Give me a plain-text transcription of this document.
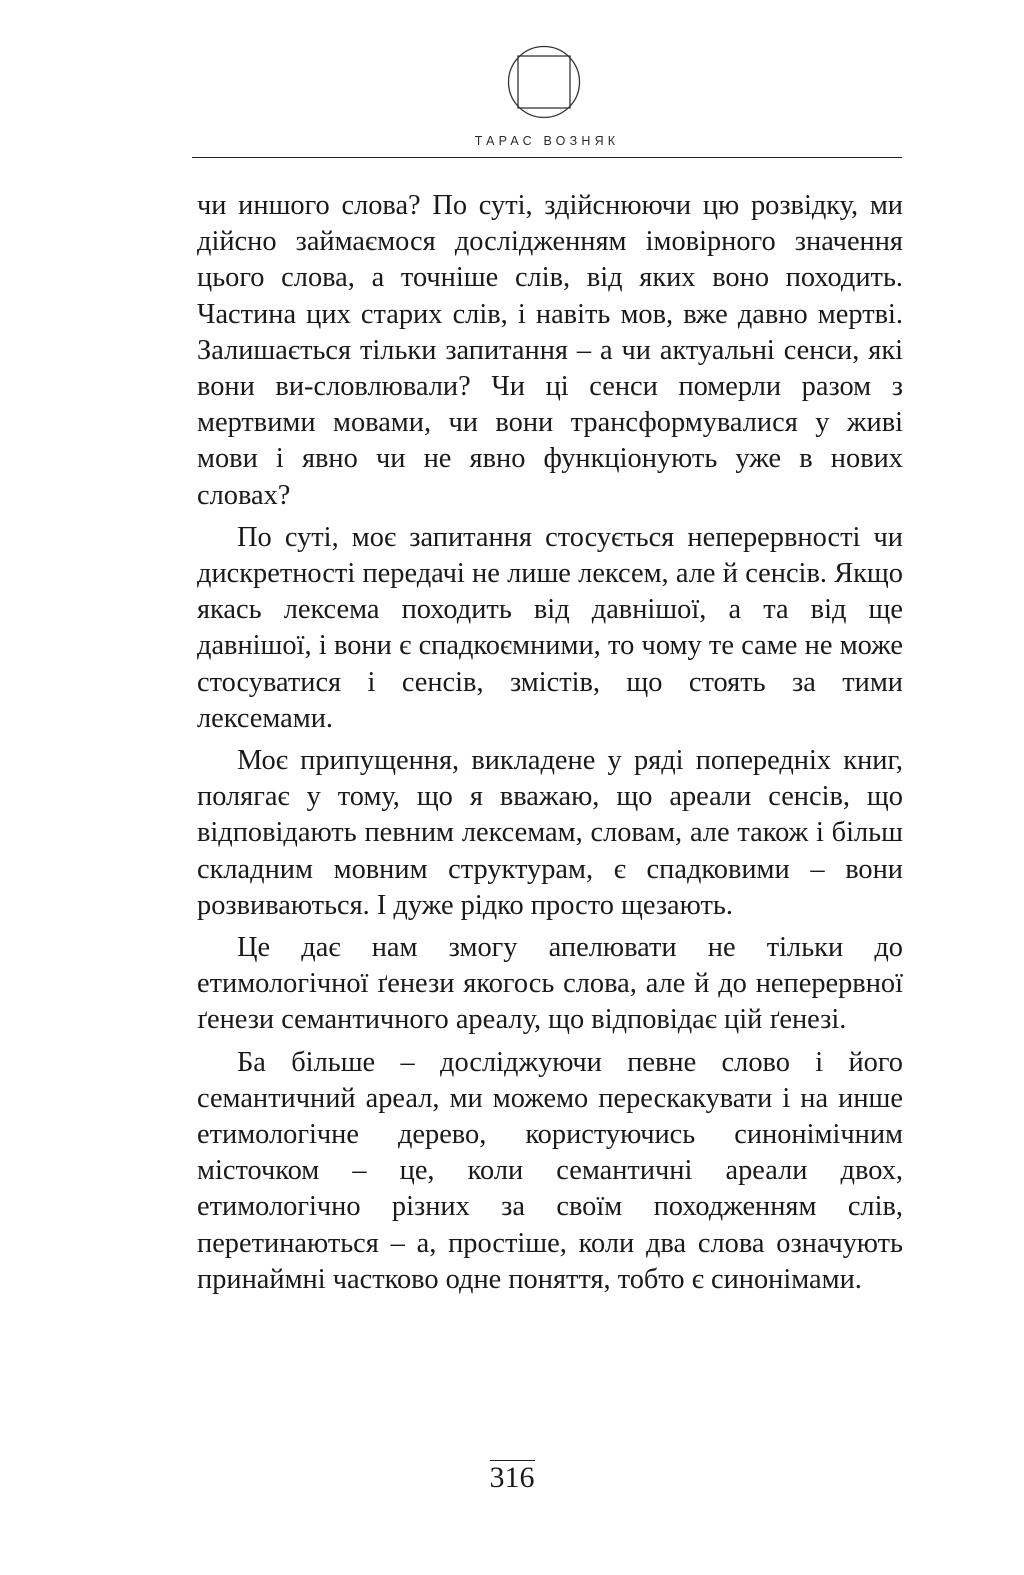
ТАРАС ВОЗНЯК

чи иншого слова? По суті, здійснюючи цю розвідку, ми дійсно займаємося дослідженням імовірного значення цього слова, а точніше слів, від яких воно походить. Частина цих старих слів, і навіть мов, вже давно мертві. Залишається тільки запитання – а чи актуальні сенси, які вони ви-словлювали? Чи ці сенси померли разом з мертвими мовами, чи вони трансформувалися у живі мови і явно чи не явно функціонують уже в нових словах?

По суті, моє запитання стосується неперервності чи дискретності передачі не лише лексем, але й сенсів. Якщо якась лексема походить від давнішої, а та від ще давнішої, і вони є спадкоємними, то чому те саме не може стосуватися і сенсів, змістів, що стоять за тими лексемами.

Моє припущення, викладене у ряді попередніх книг, полягає у тому, що я вважаю, що ареали сенсів, що відповідають певним лексемам, словам, але також і більш складним мовним структурам, є спадковими – вони розвиваються. І дуже рідко просто щезають.

Це дає нам змогу апелювати не тільки до етимологічної ґенези якогось слова, але й до неперервної ґенези семантичного ареалу, що відповідає цій ґенезі.

Ба більше – досліджуючи певне слово і його семантичний ареал, ми можемо перескакувати і на инше етимологічне дерево, користуючись синонімічним місточком – це, коли семантичні ареали двох, етимологічно різних за своїм походженням слів, перетинаються – а, простіше, коли два слова означують принаймні частково одне поняття, тобто є синонімами.

316
